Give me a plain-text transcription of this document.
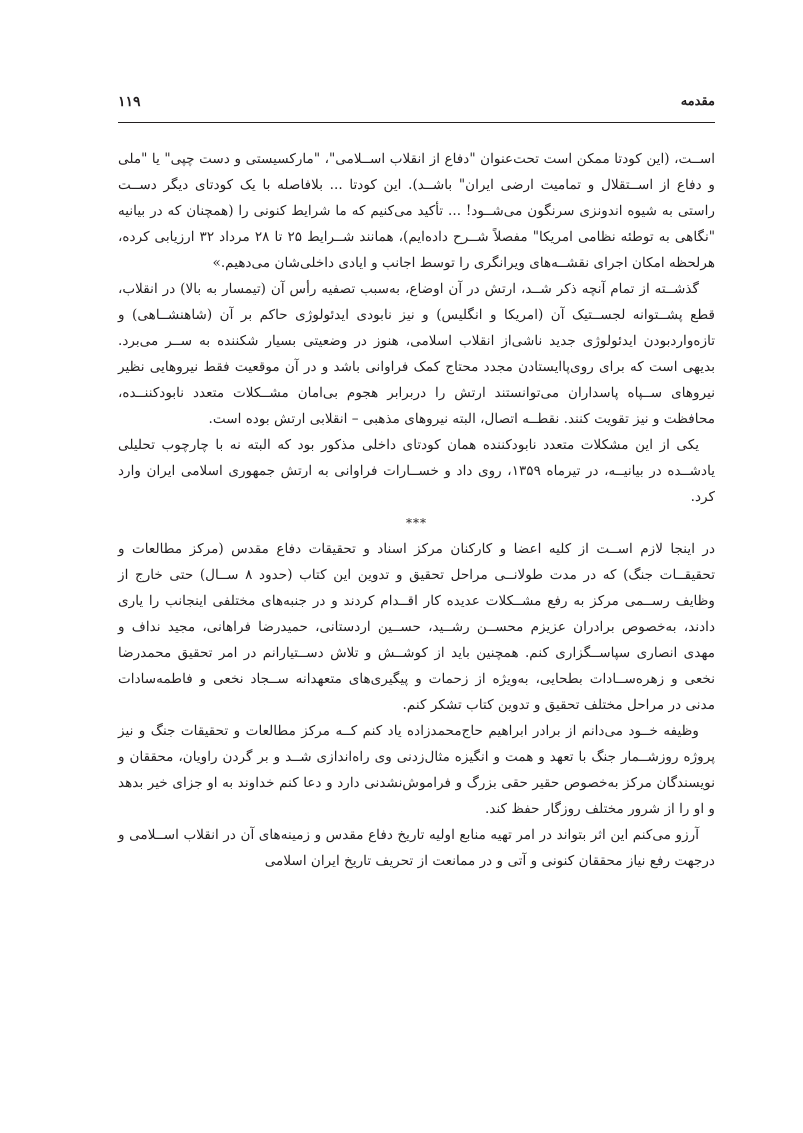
مقدمه
۱۱۹

اســت، (این کودتا ممکن است تحت‌عنوان "دفاع از انقلاب اســلامی"، "مارکسیستی و دست چپی" یا "ملی و دفاع از اســتقلال و تمامیت ارضی ایران" باشــد). این کودتا ... بلافاصله با یک کودتای دیگر دســت راستی به شیوه اندونزی سرنگون می‌شــود! ... تأکید می‌کنیم که ما شرایط کنونی را (همچنان که در بیانیه "نگاهی به توطئه نظامی امریکا" مفصلاً شــرح داده‌ایم)، همانند شــرایط ۲۵ تا ۲۸ مرداد ۳۲ ارزیابی کرده، هرلحظه امکان اجرای نقشــه‌های ویرانگری را توسط اجانب و ایادی داخلی‌شان می‌دهیم.»

گذشــته از تمام آنچه ذکر شــد، ارتش در آن اوضاع، به‌سبب تصفیه رأس آن (تیمسار به بالا) در انقلاب، قطع پشــتوانه لجســتیک آن (امریکا و انگلیس) و نیز نابودی ایدئولوژی حاکم بر آن (شاهنشــاهی) و تازه‌واردبودن ایدئولوژی جدید ناشی‌از انقلاب اسلامی، هنوز در وضعیتی بسیار شکننده به ســر می‌برد. بدیهی است که برای روی‌پاایستادن مجدد محتاج کمک فراوانی باشد و در آن موقعیت فقط نیروهایی نظیر نیروهای ســپاه پاسداران می‌توانستند ارتش را دربرابر هجوم بی‌امان مشــکلات متعدد نابودکننــده، محافظت و نیز تقویت کنند. نقطــه اتصال، البته نیروهای مذهبی – انقلابی ارتش بوده است.

یکی از این مشکلات متعدد نابودکننده همان کودتای داخلی مذکور بود که البته نه با چارچوب تحلیلی یادشــده در بیانیــه، در تیرماه ۱۳۵۹، روی داد و خســارات فراوانی به ارتش جمهوری اسلامی ایران وارد کرد.

***

در اینجا لازم اســت از کلیه اعضا و کارکنان مرکز اسناد و تحقیقات دفاع مقدس (مرکز مطالعات و تحقیقــات جنگ) که در مدت طولانــی مراحل تحقیق و تدوین این کتاب (حدود ۸ ســال) حتی خارج از وظایف رســمی مرکز به رفع مشــکلات عدیده کار اقــدام کردند و در جنبه‌های مختلفی اینجانب را یاری دادند، به‌خصوص برادران عزیزم محســن رشــید، حســین اردستانی، حمیدرضا فراهانی، مجید نداف و مهدی انصاری سپاســگزاری کنم. همچنین باید از کوشــش و تلاش دســتیارانم در امر تحقیق محمدرضا نخعی و زهره‌ســادات بطحایی، به‌ویژه از زحمات و پیگیری‌های متعهدانه ســجاد نخعی و فاطمه‌سادات مدنی در مراحل مختلف تحقیق و تدوین کتاب تشکر کنم.

وظیفه خــود می‌دانم از برادر ابراهیم حاج‌محمدزاده یاد کنم کــه مرکز مطالعات و تحقیقات جنگ و نیز پروژه روزشــمار جنگ با تعهد و همت و انگیزه مثال‌زدنی وی راه‌اندازی شــد و بر گردن راویان، محققان و نویسندگان مرکز به‌خصوص حقیر حقی بزرگ و فراموش‌نشدنی دارد و دعا کنم خداوند به او جزای خیر بدهد و او را از شرور مختلف روزگار حفظ کند.

آرزو می‌کنم این اثر بتواند در امر تهیه منابع اولیه تاریخ دفاع مقدس و زمینه‌های آن در انقلاب اســلامی و درجهت رفع نیاز محققان کنونی و آتی و در ممانعت از تحریف تاریخ ایران اسلامی
